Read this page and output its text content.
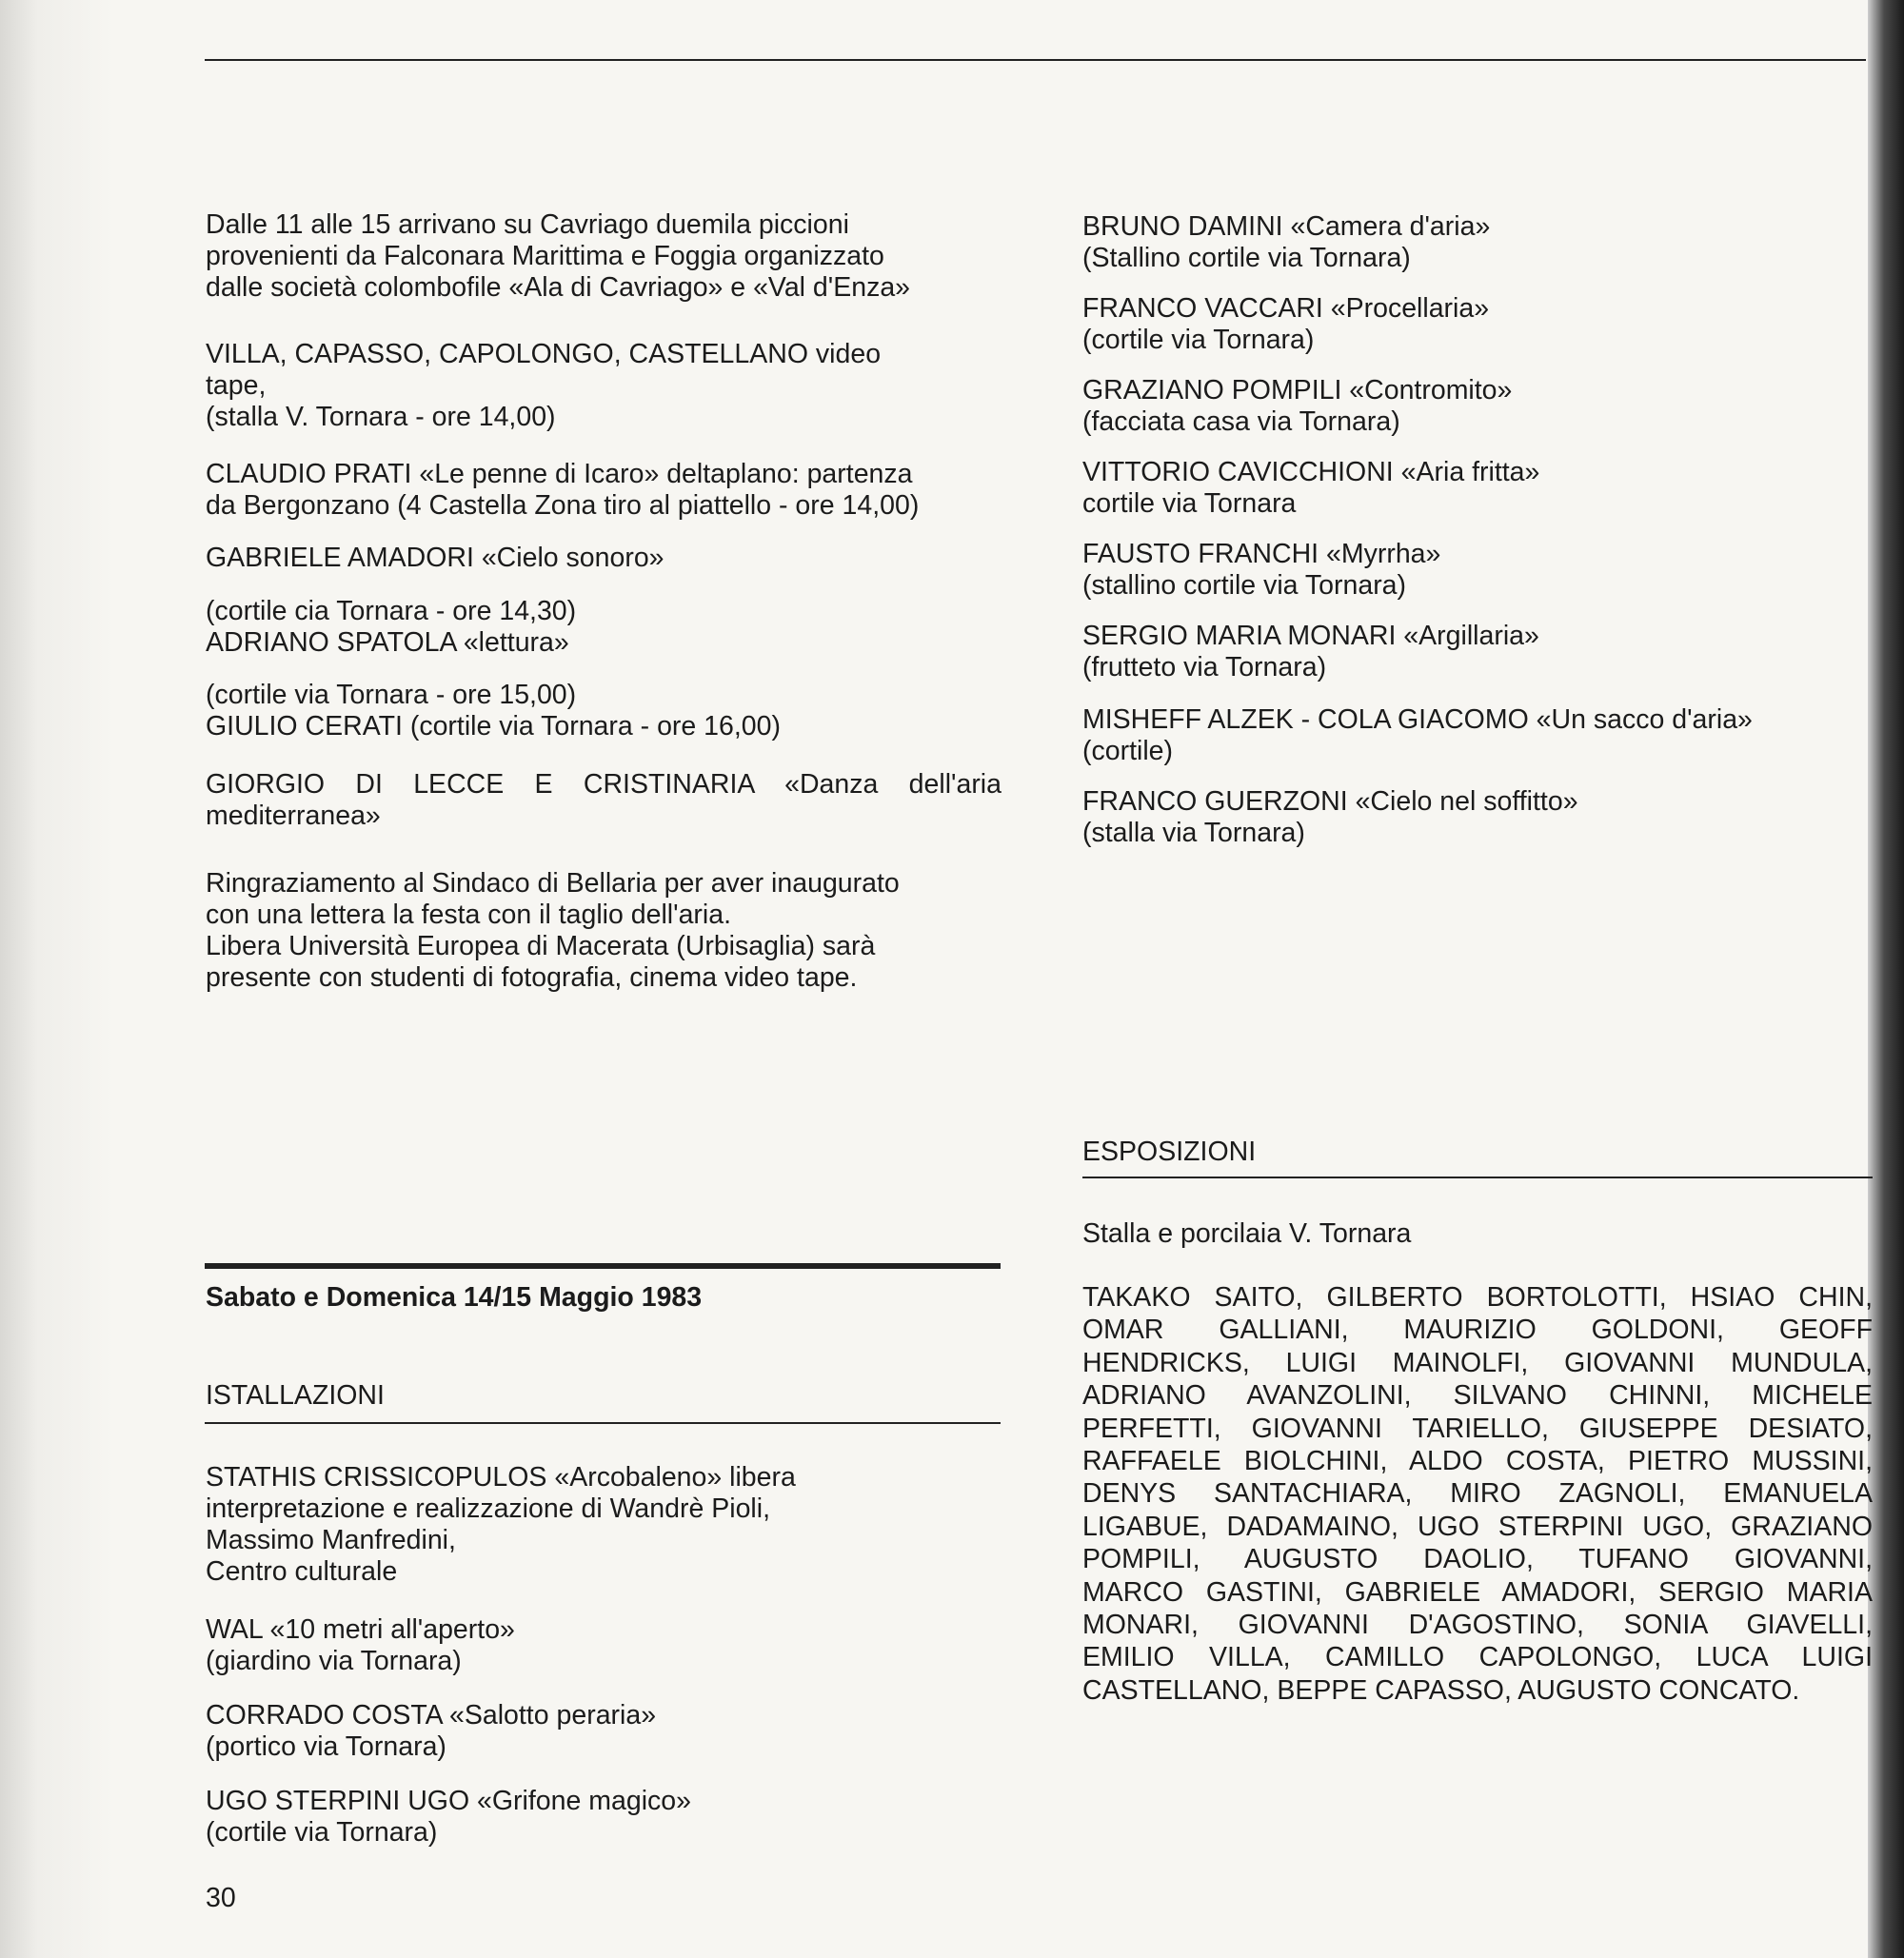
Dalle 11 alle 15 arrivano su Cavriago duemila piccioni
provenienti da Falconara Marittima e Foggia organizzato
dalle società colombofile «Ala di Cavriago» e «Val d'Enza»
VILLA, CAPASSO, CAPOLONGO, CASTELLANO video
tape,
(stalla V. Tornara - ore 14,00)
CLAUDIO PRATI «Le penne di Icaro» deltaplano: partenza
da Bergonzano (4 Castella Zona tiro al piattello - ore 14,00)
GABRIELE AMADORI «Cielo sonoro»
(cortile cia Tornara - ore 14,30)
ADRIANO SPATOLA «lettura»
(cortile via Tornara - ore 15,00)
GIULIO CERATI (cortile via Tornara - ore 16,00)
GIORGIO DI LECCE E CRISTINARIA «Danza dell'aria
mediterranea»
Ringraziamento al Sindaco di Bellaria per aver inaugurato
con una lettera la festa con il taglio dell'aria.
Libera Università Europea di Macerata (Urbisaglia) sarà
presente con studenti di fotografia, cinema video tape.
Sabato e Domenica 14/15 Maggio 1983
ISTALLAZIONI
STATHIS CRISSICOPULOS «Arcobaleno» libera
interpretazione e realizzazione di Wandrè Pioli,
Massimo Manfredini,
Centro culturale
WAL «10 metri all'aperto»
(giardino via Tornara)
CORRADO COSTA «Salotto peraria»
(portico via Tornara)
UGO STERPINI UGO «Grifone magico»
(cortile via Tornara)
30
BRUNO DAMINI «Camera d'aria»
(Stallino cortile via Tornara)
FRANCO VACCARI «Procellaria»
(cortile via Tornara)
GRAZIANO POMPILI «Contromito»
(facciata casa via Tornara)
VITTORIO CAVICCHIONI «Aria fritta»
cortile via Tornara
FAUSTO FRANCHI «Myrrha»
(stallino cortile via Tornara)
SERGIO MARIA MONARI «Argillaria»
(frutteto via Tornara)
MISHEFF ALZEK - COLA GIACOMO «Un sacco d'aria»
(cortile)
FRANCO GUERZONI «Cielo nel soffitto»
(stalla via Tornara)
ESPOSIZIONI
Stalla e porcilaia V. Tornara
TAKAKO SAITO, GILBERTO BORTOLOTTI, HSIAO CHIN,
OMAR GALLIANI, MAURIZIO GOLDONI, GEOFF
HENDRICKS, LUIGI MAINOLFI, GIOVANNI MUNDULA,
ADRIANO AVANZOLINI, SILVANO CHINNI, MICHELE
PERFETTI, GIOVANNI TARIELLO, GIUSEPPE DESIATO,
RAFFAELE BIOLCHINI, ALDO COSTA, PIETRO MUSSINI,
DENYS SANTACHIARA, MIRO ZAGNOLI, EMANUELA
LIGABUE, DADAMAINO, UGO STERPINI UGO, GRAZIANO
POMPILI, AUGUSTO DAOLIO, TUFANO GIOVANNI,
MARCO GASTINI, GABRIELE AMADORI, SERGIO MARIA
MONARI, GIOVANNI D'AGOSTINO, SONIA GIAVELLI,
EMILIO VILLA, CAMILLO CAPOLONGO, LUCA LUIGI
CASTELLANO, BEPPE CAPASSO, AUGUSTO CONCATO.
